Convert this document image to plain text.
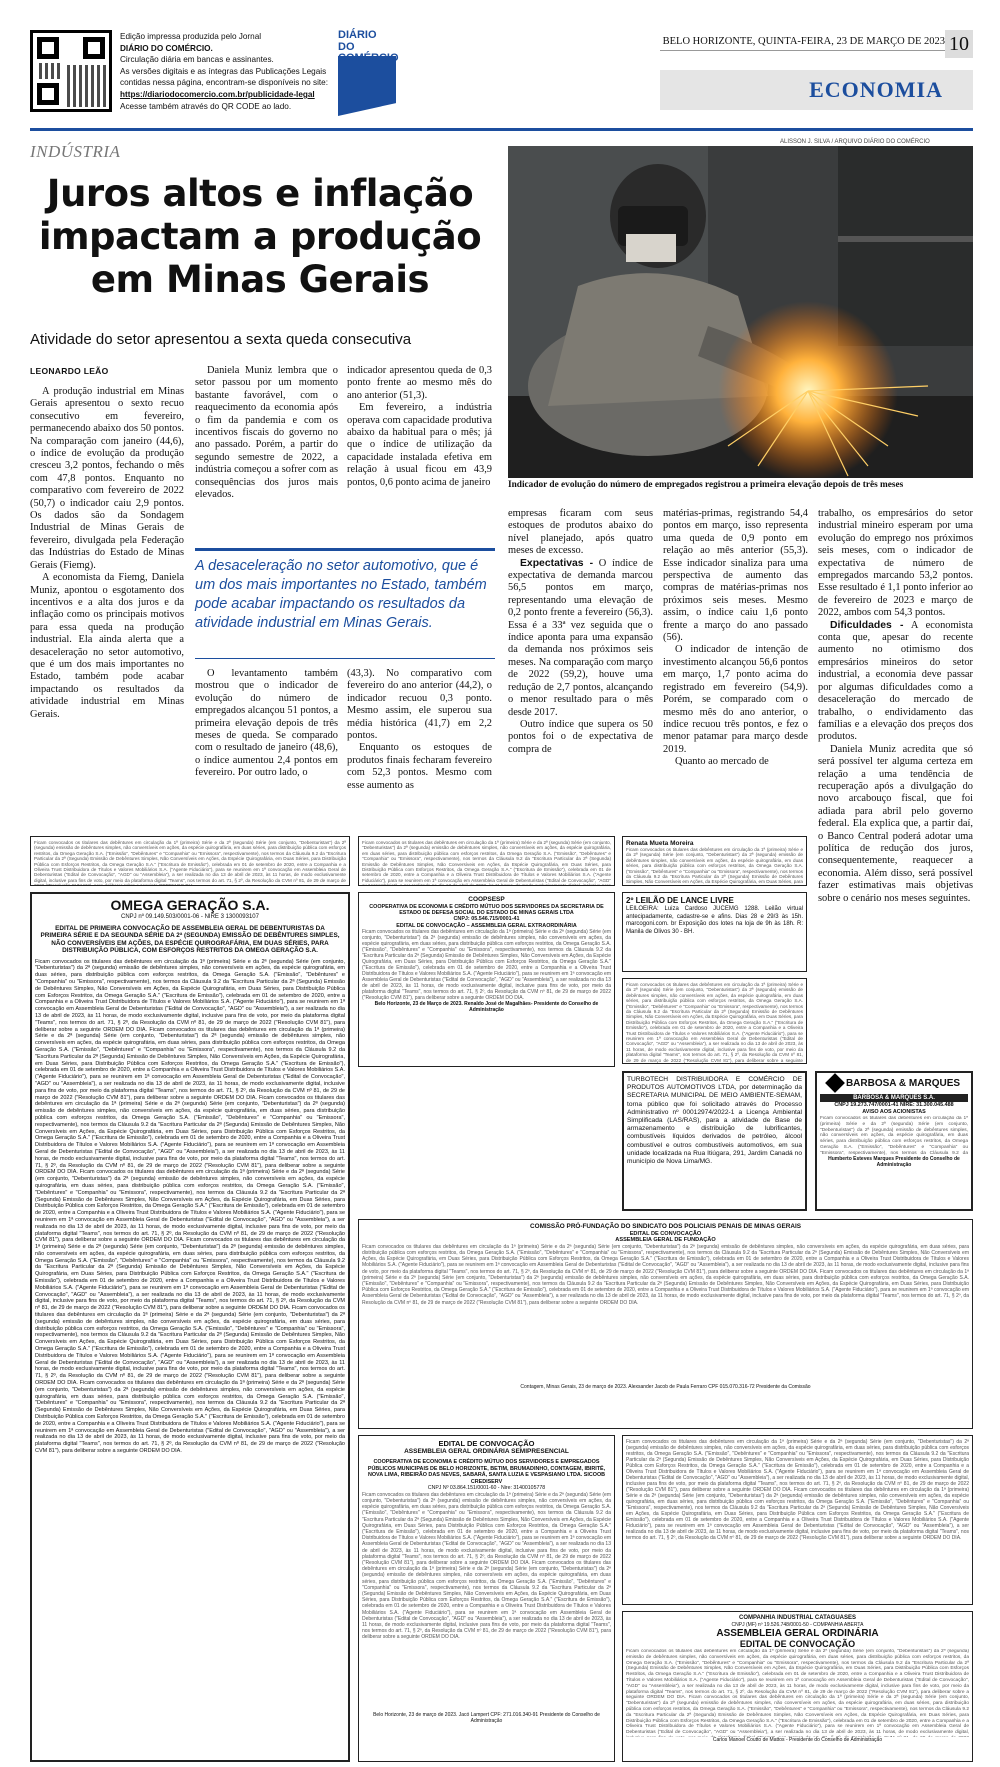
Edição impressa produzida pelo Jornal
DIÁRIO DO COMÉRCIO.
Circulação diária em bancas e assinantes.
As versões digitais e as íntegras das Publicações Legais
contidas nessa página, encontram-se disponíveis no site:
https://diariodocomercio.com.br/publicidade-legal
Acesse também através do QR CODE ao lado.
DIÁRIO DO
COMÉRCIO
BELO HORIZONTE, QUINTA-FEIRA, 23 DE MARÇO DE 2023 10
ECONOMIA
INDÚSTRIA
Juros altos e inflação impactam a produção em Minas Gerais
Atividade do setor apresentou a sexta queda consecutiva
ALISSON J. SILVA / ARQUIVO DIÁRIO DO COMÉRCIO
Indicador de evolução do número de empregados registrou a primeira elevação depois de três meses
LEONARDO LEÃO

A produção industrial em Minas Gerais apresentou o sexto recuo consecutivo em fevereiro, permanecendo abaixo dos 50 pontos. Na comparação com janeiro (44,6), o índice de evolução da produção cresceu 3,2 pontos, fechando o mês com 47,8 pontos. Enquanto no comparativo com fevereiro de 2022 (50,7) o indicador caiu 2,9 pontos. Os dados são da Sondagem Industrial de Minas Gerais de fevereiro, divulgada pela Federação das Indústrias do Estado de Minas Gerais (Fiemg).

A economista da Fiemg, Daniela Muniz, apontou o esgotamento dos incentivos e a alta dos juros e da inflação como os principais motivos para essa queda na produção industrial. Ela ainda alerta que a desaceleração no setor automotivo, que é um dos mais importantes no Estado, também pode acabar impactando os resultados da atividade industrial em Minas Gerais.

Daniela Muniz lembra que o setor passou por um momento bastante favorável, com o reaquecimento da economia após o fim da pandemia e com os incentivos fiscais do governo no ano passado. Porém, a partir do segundo semestre de 2022, a indústria começou a sofrer com as consequências dos juros mais elevados.

indicador apresentou queda de 0,3 ponto frente ao mesmo mês do ano anterior (51,3).

Em fevereiro, a indústria operava com capacidade produtiva abaixo da habitual para o mês; já que o índice de utilização da capacidade instalada efetiva em relação à usual ficou em 43,9 pontos, 0,6 ponto acima de janeiro

A desaceleração no setor automotivo, que é um dos mais importantes no Estado, também pode acabar impactando os resultados da atividade industrial em Minas Gerais.

O levantamento também mostrou que o indicador de evolução do número de empregados alcançou 51 pontos, a primeira elevação depois de três meses de queda. Se comparado com o resultado de janeiro (48,6), o índice aumentou 2,4 pontos em fevereiro. Por outro lado, o

(43,3). No comparativo com fevereiro do ano anterior (44,2), o indicador recuou 0,3 ponto. Mesmo assim, ele superou sua média histórica (41,7) em 2,2 pontos.

Enquanto os estoques de produtos finais fecharam fevereiro com 52,3 pontos. Mesmo com esse aumento as

empresas ficaram com seus estoques de produtos abaixo do nível planejado, após quatro meses de excesso.

Expectativas - O índice de expectativa de demanda marcou 56,5 pontos em março, representando uma elevação de 0,2 ponto frente a fevereiro (56,3). Essa é a 33ª vez seguida que o índice aponta para uma expansão da demanda nos próximos seis meses. Na comparação com março de 2022 (59,2), houve uma redução de 2,7 pontos, alcançando o menor resultado para o mês desde 2017.

Outro índice que supera os 50 pontos foi o de expectativa de compra de

matérias-primas, registrando 54,4 pontos em março, isso representa uma queda de 0,9 ponto em relação ao mês anterior (55,3). Esse indicador sinaliza para uma perspectiva de aumento das compras de matérias-primas nos próximos seis meses. Mesmo assim, o índice caiu 1,6 ponto frente a março do ano passado (56).

O indicador de intenção de investimento alcançou 56,6 pontos em março, 1,7 ponto acima do registrado em fevereiro (54,9). Porém, se comparado com o mesmo mês do ano anterior, o índice recuou três pontos, e fez o menor patamar para março desde 2019.

Quanto ao mercado de

trabalho, os empresários do setor industrial mineiro esperam por uma evolução do emprego nos próximos seis meses, com o indicador de expectativa de número de empregados marcando 53,2 pontos. Esse resultado é 1,1 ponto inferior ao de fevereiro de 2023 e março de 2022, ambos com 54,3 pontos.

Dificuldades - A economista conta que, apesar do recente aumento no otimismo dos empresários mineiros do setor industrial, a economia deve passar por algumas dificuldades como a desaceleração do mercado de trabalho, o endividamento das famílias e a elevação dos preços dos produtos.

Daniela Muniz acredita que só será possível ter alguma certeza em relação a uma tendência de recuperação após a divulgação do novo arcabouço fiscal, que foi adiada para abril pelo governo federal. Ela explica que, a partir daí, o Banco Central poderá adotar uma política de redução dos juros, consequentemente, reaquecer a economia. Além disso, será possível fazer estimativas mais objetivas sobre o cenário nos meses seguintes.

Ficam convocados os titulares das debêntures em circulação da 1ª (primeira) Série e da 2ª (segunda) Série (em conjunto, "Debenturistas") da 2ª (segunda) emissão de debêntures simples, não conversíveis em ações, da espécie quirografária, em duas séries, para distribuição pública com esforços restritos, da Omega Geração S.A. ("Emissão", "Debêntures" e "Companhia" ou "Emissora", respectivamente), nos termos da Cláusula 9.2 da "Escritura Particular da 2ª (Segunda) Emissão de Debêntures Simples, Não Conversíveis em Ações, da Espécie Quirografária, em Duas Séries, para Distribuição Pública com Esforços Restritos, da Omega Geração S.A." ("Escritura de Emissão"), celebrada em 01 de setembro de 2020, entre a Companhia e a Oliveira Trust Distribuidora de Títulos e Valores Mobiliários S.A. ("Agente Fiduciário"), para se reunirem em 1ª convocação em Assembleia Geral de Debenturistas ("Edital de Convocação", "AGD" ou "Assembleia"), a ser realizada no dia 13 de abril de 2023, às 11 horas, de modo exclusivamente digital, inclusive para fins de voto, por meio da plataforma digital "Teams", nos termos do art. 71, § 2º, da Resolução da CVM nº 81, de 29 de março de 2022 ("Resolução CVM 81"), para deliberar sobre a seguinte ORDEM DO DIA.
Ficam convocados os titulares das debêntures em circulação da 1ª (primeira) Série e da 2ª (segunda) Série (em conjunto, "Debenturistas") da 2ª (segunda) emissão de debêntures simples, não conversíveis em ações, da espécie quirografária, em duas séries, para distribuição pública com esforços restritos, da Omega Geração S.A. ("Emissão", "Debêntures" e "Companhia" ou "Emissora", respectivamente), nos termos da Cláusula 9.2 da "Escritura Particular da 2ª (Segunda) Emissão de Debêntures Simples, Não Conversíveis em Ações, da Espécie Quirografária, em Duas Séries, para Distribuição Pública com Esforços Restritos, da Omega Geração S.A." ("Escritura de Emissão"), celebrada em 01 de setembro de 2020, entre a Companhia e a Oliveira Trust Distribuidora de Títulos e Valores Mobiliários S.A. ("Agente Fiduciário"), para se reunirem em 1ª convocação em Assembleia Geral de Debenturistas ("Edital de Convocação", "AGD" ou "Assembleia"), a ser realizada no dia 13 de abril de 2023, às 11 horas, de modo exclusivamente digital, inclusive para
Renata Mueta Moreira
Ficam convocados os titulares das debêntures em circulação da 1ª (primeira) Série e da 2ª (segunda) Série (em conjunto, "Debenturistas") da 2ª (segunda) emissão de debêntures simples, não conversíveis em ações, da espécie quirografária, em duas séries, para distribuição pública com esforços restritos, da Omega Geração S.A. ("Emissão", "Debêntures" e "Companhia" ou "Emissora", respectivamente), nos termos da Cláusula 9.2 da "Escritura Particular da 2ª (Segunda) Emissão de Debêntures Simples, Não Conversíveis em Ações, da Espécie Quirografária, em Duas Séries, para
OMEGA GERAÇÃO S.A.
CNPJ nº 09.149.503/0001-06 - NIRE 3 1300093107
EDITAL DE PRIMEIRA CONVOCAÇÃO DE ASSEMBLEIA GERAL DE DEBENTURISTAS DA PRIMEIRA SÉRIE E DA SEGUNDA SÉRIE DA 2ª (SEGUNDA) EMISSÃO DE DEBÊNTURES SIMPLES, NÃO CONVERSÍVEIS EM AÇÕES, DA ESPÉCIE QUIROGRAFÁRIA, EM DUAS SÉRIES, PARA DISTRIBUIÇÃO PÚBLICA, COM ESFORÇOS RESTRITOS DA OMEGA GERAÇÃO S.A.
Ficam convocados os titulares das debêntures em circulação da 1ª (primeira) Série e da 2ª (segunda) Série (em conjunto, "Debenturistas") da 2ª (segunda) emissão de debêntures simples, não conversíveis em ações, da espécie quirografária, em duas séries, para distribuição pública com esforços restritos, da Omega Geração S.A. ("Emissão", "Debêntures" e "Companhia" ou "Emissora", respectivamente), nos termos da Cláusula 9.2 da "Escritura Particular da 2ª (Segunda) Emissão de Debêntures Simples, Não Conversíveis em Ações, da Espécie Quirografária, em Duas Séries, para Distribuição Pública com Esforços Restritos, da Omega Geração S.A." ("Escritura de Emissão"), celebrada em 01 de setembro de 2020, entre a Companhia e a Oliveira Trust Distribuidora de Títulos e Valores Mobiliários S.A. ("Agente Fiduciário"), para se reunirem em 1ª convocação em Assembleia Geral de Debenturistas ("Edital de Convocação", "AGD" ou "Assembleia"), a ser realizada no dia 13 de abril de 2023, às 11 horas, de modo exclusivamente digital, inclusive para fins de voto, por meio da plataforma digital "Teams", nos termos do art. 71, § 2º, da Resolução da CVM nº 81, de 29 de março de 2022 ("Resolução CVM 81"), para deliberar sobre a seguinte ORDEM DO DIA. Ficam convocados os titulares das debêntures em circulação da 1ª (primeira) Série e da 2ª (segunda) Série (em conjunto, "Debenturistas") da 2ª (segunda) emissão de debêntures simples, não conversíveis em ações, da espécie quirografária, em duas séries, para distribuição pública com esforços restritos, da Omega Geração S.A. ("Emissão", "Debêntures" e "Companhia" ou "Emissora", respectivamente), nos termos da Cláusula 9.2 da "Escritura Particular da 2ª (Segunda) Emissão de Debêntures Simples, Não Conversíveis em Ações, da Espécie Quirografária, em Duas Séries, para Distribuição Pública com Esforços Restritos, da Omega Geração S.A." ("Escritura de Emissão"), celebrada em 01 de setembro de 2020, entre a Companhia e a Oliveira Trust Distribuidora de Títulos e Valores Mobiliários S.A. ("Agente Fiduciário"), para se reunirem em 1ª convocação em Assembleia Geral de Debenturistas ("Edital de Convocação", "AGD" ou "Assembleia"), a ser realizada no dia 13 de abril de 2023, às 11 horas, de modo exclusivamente digital, inclusive para fins de voto, por meio da plataforma digital "Teams", nos termos do art. 71, § 2º, da Resolução da CVM nº 81, de 29 de março de 2022 ("Resolução CVM 81"), para deliberar sobre a seguinte ORDEM DO DIA. Ficam convocados os titulares das debêntures em circulação da 1ª (primeira) Série e da 2ª (segunda) Série (em conjunto, "Debenturistas") da 2ª (segunda) emissão de debêntures simples, não conversíveis em ações, da espécie quirografária, em duas séries, para distribuição pública com esforços restritos, da Omega Geração S.A. ("Emissão", "Debêntures" e "Companhia" ou "Emissora", respectivamente), nos termos da Cláusula 9.2 da "Escritura Particular da 2ª (Segunda) Emissão de Debêntures Simples, Não Conversíveis em Ações, da Espécie Quirografária, em Duas Séries, para Distribuição Pública com Esforços Restritos, da Omega Geração S.A." ("Escritura de Emissão"), celebrada em 01 de setembro de 2020, entre a Companhia e a Oliveira Trust Distribuidora de Títulos e Valores Mobiliários S.A. ("Agente Fiduciário"), para se reunirem em 1ª convocação em Assembleia Geral de Debenturistas ("Edital de Convocação", "AGD" ou "Assembleia"), a ser realizada no dia 13 de abril de 2023, às 11 horas, de modo exclusivamente digital, inclusive para fins de voto, por meio da plataforma digital "Teams", nos termos do art. 71, § 2º, da Resolução da CVM nº 81, de 29 de março de 2022 ("Resolução CVM 81"), para deliberar sobre a seguinte ORDEM DO DIA. Ficam convocados os titulares das debêntures em circulação da 1ª (primeira) Série e da 2ª (segunda) Série (em conjunto, "Debenturistas") da 2ª (segunda) emissão de debêntures simples, não conversíveis em ações, da espécie quirografária, em duas séries, para distribuição pública com esforços restritos, da Omega Geração S.A. ("Emissão", "Debêntures" e "Companhia" ou "Emissora", respectivamente), nos termos da Cláusula 9.2 da "Escritura Particular da 2ª (Segunda) Emissão de Debêntures Simples, Não Conversíveis em Ações, da Espécie Quirografária, em Duas Séries, para Distribuição Pública com Esforços Restritos, da Omega Geração S.A." ("Escritura de Emissão"), celebrada em 01 de setembro de 2020, entre a Companhia e a Oliveira Trust Distribuidora de Títulos e Valores Mobiliários S.A. ("Agente Fiduciário"), para se reunirem em 1ª convocação em Assembleia Geral de Debenturistas ("Edital de Convocação", "AGD" ou "Assembleia"), a ser realizada no dia 13 de abril de 2023, às 11 horas, de modo exclusivamente digital, inclusive para fins de voto, por meio da plataforma digital "Teams", nos termos do art. 71, § 2º, da Resolução da CVM nº 81, de 29 de março de 2022 ("Resolução CVM 81"), para deliberar sobre a seguinte ORDEM DO DIA. Ficam convocados os titulares das debêntures em circulação da 1ª (primeira) Série e da 2ª (segunda) Série (em conjunto, "Debenturistas") da 2ª (segunda) emissão de debêntures simples, não conversíveis em ações, da espécie quirografária, em duas séries, para distribuição pública com esforços restritos, da Omega Geração S.A. ("Emissão", "Debêntures" e "Companhia" ou "Emissora", respectivamente), nos termos da Cláusula 9.2 da "Escritura Particular da 2ª (Segunda) Emissão de Debêntures Simples, Não Conversíveis em Ações, da Espécie Quirografária, em Duas Séries, para Distribuição Pública com Esforços Restritos, da Omega Geração S.A." ("Escritura de Emissão"), celebrada em 01 de setembro de 2020, entre a Companhia e a Oliveira Trust Distribuidora de Títulos e Valores Mobiliários S.A. ("Agente Fiduciário"), para se reunirem em 1ª convocação em Assembleia Geral de Debenturistas ("Edital de Convocação", "AGD" ou "Assembleia"), a ser realizada no dia 13 de abril de 2023, às 11 horas, de modo exclusivamente digital, inclusive para fins de voto, por meio da plataforma digital "Teams", nos termos do art. 71, § 2º, da Resolução da CVM nº 81, de 29 de março de 2022 ("Resolução CVM 81"), para deliberar sobre a seguinte ORDEM DO DIA. Ficam convocados os titulares das debêntures em circulação da 1ª (primeira) Série e da 2ª (segunda) Série (em conjunto, "Debenturistas") da 2ª (segunda) emissão de debêntures simples, não conversíveis em ações, da espécie quirografária, em duas séries, para distribuição pública com esforços restritos, da Omega Geração S.A. ("Emissão", "Debêntures" e "Companhia" ou "Emissora", respectivamente), nos termos da Cláusula 9.2 da "Escritura Particular da 2ª (Segunda) Emissão de Debêntures Simples, Não Conversíveis em Ações, da Espécie Quirografária, em Duas Séries, para Distribuição Pública com Esforços Restritos, da Omega Geração S.A." ("Escritura de Emissão"), celebrada em 01 de setembro de 2020, entre a Companhia e a Oliveira Trust Distribuidora de Títulos e Valores Mobiliários S.A. ("Agente Fiduciário"), para se reunirem em 1ª convocação em Assembleia Geral de Debenturistas ("Edital de Convocação", "AGD" ou "Assembleia"), a ser realizada no dia 13 de abril de 2023, às 11 horas, de modo exclusivamente digital, inclusive para fins de voto, por meio da plataforma digital "Teams", nos termos do art. 71, § 2º, da Resolução da CVM nº 81, de 29 de março de 2022 ("Resolução CVM 81"), para deliberar sobre a seguinte ORDEM DO DIA. Ficam convocados os titulares das debêntures em circulação da 1ª (primeira) Série e da 2ª (segunda) Série (em conjunto, "Debenturistas") da 2ª (segunda) emissão de debêntures simples, não conversíveis em ações, da espécie quirografária, em duas séries, para distribuição pública com esforços restritos, da Omega Geração S.A. ("Emissão", "Debêntures" e "Companhia" ou "Emissora", respectivamente), nos termos da Cláusula 9.2 da "Escritura Particular da 2ª (Segunda) Emissão de Debêntures Simples, Não Conversíveis em Ações, da Espécie Quirografária, em Duas Séries, para Distribuição Pública com Esforços Restritos, da Omega Geração S.A." ("Escritura de Emissão"), celebrada em 01 de setembro de 2020, entre a Companhia e a Oliveira Trust Distribuidora de Títulos e Valores Mobiliários S.A. ("Agente Fiduciário"), para se reunirem em 1ª convocação em Assembleia Geral de Debenturistas ("Edital de Convocação", "AGD" ou "Assembleia"), a ser realizada no dia 13 de abril de 2023, às 11 horas, de modo exclusivamente digital, inclusive para fins de voto, por meio da plataforma digital "Teams", nos termos do art. 71, § 2º, da Resolução da CVM nº 81, de 29 de março de 2022 ("Resolução CVM 81"), para deliberar sobre a seguinte ORDEM DO DIA.
COOPSESP
COOPERATIVA DE ECONOMIA E CRÉDITO MÚTUO DOS SERVIDORES DA SECRETARIA DE ESTADO DE DEFESA SOCIAL DO ESTADO DE MINAS GERAIS LTDA
CNPJ: 05.546.715/0001-41
EDITAL DE CONVOCAÇÃO – ASSEMBLEIA GERAL EXTRAORDINÁRIA
Ficam convocados os titulares das debêntures em circulação da 1ª (primeira) Série e da 2ª (segunda) Série (em conjunto, "Debenturistas") da 2ª (segunda) emissão de debêntures simples, não conversíveis em ações, da espécie quirografária, em duas séries, para distribuição pública com esforços restritos, da Omega Geração S.A. ("Emissão", "Debêntures" e "Companhia" ou "Emissora", respectivamente), nos termos da Cláusula 9.2 da "Escritura Particular da 2ª (Segunda) Emissão de Debêntures Simples, Não Conversíveis em Ações, da Espécie Quirografária, em Duas Séries, para Distribuição Pública com Esforços Restritos, da Omega Geração S.A." ("Escritura de Emissão"), celebrada em 01 de setembro de 2020, entre a Companhia e a Oliveira Trust Distribuidora de Títulos e Valores Mobiliários S.A. ("Agente Fiduciário"), para se reunirem em 1ª convocação em Assembleia Geral de Debenturistas ("Edital de Convocação", "AGD" ou "Assembleia"), a ser realizada no dia 13 de abril de 2023, às 11 horas, de modo exclusivamente digital, inclusive para fins de voto, por meio da plataforma digital "Teams", nos termos do art. 71, § 2º, da Resolução da CVM nº 81, de 29 de março de 2022 ("Resolução CVM 81"), para deliberar sobre a seguinte ORDEM DO DIA.
Belo Horizonte, 23 de Março de 2023. Renaldo José de Magalhães- Presidente do Conselho de Administração
2º LEILÃO DE LANCE LIVRE
LEILOEIRA: Luiza Cardoso JUCEMG 1288. Leilão virtual antecipadamente, cadastre-se e afins. Dias 28 e 29/3 às 15h. marcogoni.com. br Exposição dos lotes na loja de 9h às 18h. R: Manila de Olivos 30 - BH.
Ficam convocados os titulares das debêntures em circulação da 1ª (primeira) Série e da 2ª (segunda) Série (em conjunto, "Debenturistas") da 2ª (segunda) emissão de debêntures simples, não conversíveis em ações, da espécie quirografária, em duas séries, para distribuição pública com esforços restritos, da Omega Geração S.A. ("Emissão", "Debêntures" e "Companhia" ou "Emissora", respectivamente), nos termos da Cláusula 9.2 da "Escritura Particular da 2ª (Segunda) Emissão de Debêntures Simples, Não Conversíveis em Ações, da Espécie Quirografária, em Duas Séries, para Distribuição Pública com Esforços Restritos, da Omega Geração S.A." ("Escritura de Emissão"), celebrada em 01 de setembro de 2020, entre a Companhia e a Oliveira Trust Distribuidora de Títulos e Valores Mobiliários S.A. ("Agente Fiduciário"), para se reunirem em 1ª convocação em Assembleia Geral de Debenturistas ("Edital de Convocação", "AGD" ou "Assembleia"), a ser realizada no dia 13 de abril de 2023, às 11 horas, de modo exclusivamente digital, inclusive para fins de voto, por meio da plataforma digital "Teams", nos termos do art. 71, § 2º, da Resolução da CVM nº 81, de 29 de março de 2022 ("Resolução CVM 81"), para deliberar sobre a seguinte
TURBOTECH DISTRIBUIDORA E COMÉRCIO DE PRODUTOS AUTOMOTIVOS LTDA, por determinação da SECRETARIA MUNICIPAL DE MEIO AMBIENTE-SEMAM, torna público que foi solicitado através do Processo Administrativo nº 00012974/2022-1 a Licença Ambiental Simplificada (LAS/RAS), para a atividade de Base de armazenamento e distribuição de lubrificantes, combustíveis líquidos derivados de petróleo, álcool combustível e outros combustíveis automotivos, em sua unidade localizada na Rua Itiúgara, 291, Jardim Canadá no município de Nova Lima/MG.
BARBOSA & MARQUES
BARBOSA & MARQUES S.A.
CNPJ 19.273.747/0001-41 NIRE: 31.300.045.488
AVISO AOS ACIONISTAS
Ficam convocados os titulares das debêntures em circulação da 1ª (primeira) Série e da 2ª (segunda) Série (em conjunto, "Debenturistas") da 2ª (segunda) emissão de debêntures simples, não conversíveis em ações, da espécie quirografária, em duas séries, para distribuição pública com esforços restritos, da Omega Geração S.A. ("Emissão", "Debêntures" e "Companhia" ou "Emissora", respectivamente), nos termos da Cláusula 9.2 da
Humberto Esteves Marques Presidente do Conselho de Administração
COMISSÃO PRÓ-FUNDAÇÃO DO SINDICATO DOS POLICIAIS PENAIS DE MINAS GERAIS
EDITAL DE CONVOCAÇÃO
ASSEMBLEIA GERAL DE FUNDAÇÃO
Ficam convocados os titulares das debêntures em circulação da 1ª (primeira) Série e da 2ª (segunda) Série (em conjunto, "Debenturistas") da 2ª (segunda) emissão de debêntures simples, não conversíveis em ações, da espécie quirografária, em duas séries, para distribuição pública com esforços restritos, da Omega Geração S.A. ("Emissão", "Debêntures" e "Companhia" ou "Emissora", respectivamente), nos termos da Cláusula 9.2 da "Escritura Particular da 2ª (Segunda) Emissão de Debêntures Simples, Não Conversíveis em Ações, da Espécie Quirografária, em Duas Séries, para Distribuição Pública com Esforços Restritos, da Omega Geração S.A." ("Escritura de Emissão"), celebrada em 01 de setembro de 2020, entre a Companhia e a Oliveira Trust Distribuidora de Títulos e Valores Mobiliários S.A. ("Agente Fiduciário"), para se reunirem em 1ª convocação em Assembleia Geral de Debenturistas ("Edital de Convocação", "AGD" ou "Assembleia"), a ser realizada no dia 13 de abril de 2023, às 11 horas, de modo exclusivamente digital, inclusive para fins de voto, por meio da plataforma digital "Teams", nos termos do art. 71, § 2º, da Resolução da CVM nº 81, de 29 de março de 2022 ("Resolução CVM 81"), para deliberar sobre a seguinte ORDEM DO DIA. Ficam convocados os titulares das debêntures em circulação da 1ª (primeira) Série e da 2ª (segunda) Série (em conjunto, "Debenturistas") da 2ª (segunda) emissão de debêntures simples, não conversíveis em ações, da espécie quirografária, em duas séries, para distribuição pública com esforços restritos, da Omega Geração S.A. ("Emissão", "Debêntures" e "Companhia" ou "Emissora", respectivamente), nos termos da Cláusula 9.2 da "Escritura Particular da 2ª (Segunda) Emissão de Debêntures Simples, Não Conversíveis em Ações, da Espécie Quirografária, em Duas Séries, para Distribuição Pública com Esforços Restritos, da Omega Geração S.A." ("Escritura de Emissão"), celebrada em 01 de setembro de 2020, entre a Companhia e a Oliveira Trust Distribuidora de Títulos e Valores Mobiliários S.A. ("Agente Fiduciário"), para se reunirem em 1ª convocação em Assembleia Geral de Debenturistas ("Edital de Convocação", "AGD" ou "Assembleia"), a ser realizada no dia 13 de abril de 2023, às 11 horas, de modo exclusivamente digital, inclusive para fins de voto, por meio da plataforma digital "Teams", nos termos do art. 71, § 2º, da Resolução da CVM nº 81, de 29 de março de 2022 ("Resolução CVM 81"), para deliberar sobre a seguinte ORDEM DO DIA.
Contagem, Minas Gerais, 23 de março de 2023. Alexsander Jacob de Paula Ferraro CPF 015.070.316-72 Presidente da Comissão
EDITAL DE CONVOCAÇÃO
ASSEMBLEIA GERAL ORDINÁRIA SEMIPRESENCIAL
COOPERATIVA DE ECONOMIA E CRÉDITO MÚTUO DOS SERVIDORES E EMPREGADOS PÚBLICOS MUNICIPAIS DE BELO HORIZONTE, BETIM, BRUMADINHO, CONTAGEM, IBIRITÉ, NOVA LIMA, RIBEIRÃO DAS NEVES, SABARÁ, SANTA LUZIA E VESPASIANO LTDA. SICOOB CREDISERV
CNPJ Nº 03.864.151/0001-60 - Nire: 31400105778
Ficam convocados os titulares das debêntures em circulação da 1ª (primeira) Série e da 2ª (segunda) Série (em conjunto, "Debenturistas") da 2ª (segunda) emissão de debêntures simples, não conversíveis em ações, da espécie quirografária, em duas séries, para distribuição pública com esforços restritos, da Omega Geração S.A. ("Emissão", "Debêntures" e "Companhia" ou "Emissora", respectivamente), nos termos da Cláusula 9.2 da "Escritura Particular da 2ª (Segunda) Emissão de Debêntures Simples, Não Conversíveis em Ações, da Espécie Quirografária, em Duas Séries, para Distribuição Pública com Esforços Restritos, da Omega Geração S.A." ("Escritura de Emissão"), celebrada em 01 de setembro de 2020, entre a Companhia e a Oliveira Trust Distribuidora de Títulos e Valores Mobiliários S.A. ("Agente Fiduciário"), para se reunirem em 1ª convocação em Assembleia Geral de Debenturistas ("Edital de Convocação", "AGD" ou "Assembleia"), a ser realizada no dia 13 de abril de 2023, às 11 horas, de modo exclusivamente digital, inclusive para fins de voto, por meio da plataforma digital "Teams", nos termos do art. 71, § 2º, da Resolução da CVM nº 81, de 29 de março de 2022 ("Resolução CVM 81"), para deliberar sobre a seguinte ORDEM DO DIA. Ficam convocados os titulares das debêntures em circulação da 1ª (primeira) Série e da 2ª (segunda) Série (em conjunto, "Debenturistas") da 2ª (segunda) emissão de debêntures simples, não conversíveis em ações, da espécie quirografária, em duas séries, para distribuição pública com esforços restritos, da Omega Geração S.A. ("Emissão", "Debêntures" e "Companhia" ou "Emissora", respectivamente), nos termos da Cláusula 9.2 da "Escritura Particular da 2ª (Segunda) Emissão de Debêntures Simples, Não Conversíveis em Ações, da Espécie Quirografária, em Duas Séries, para Distribuição Pública com Esforços Restritos, da Omega Geração S.A." ("Escritura de Emissão"), celebrada em 01 de setembro de 2020, entre a Companhia e a Oliveira Trust Distribuidora de Títulos e Valores Mobiliários S.A. ("Agente Fiduciário"), para se reunirem em 1ª convocação em Assembleia Geral de Debenturistas ("Edital de Convocação", "AGD" ou "Assembleia"), a ser realizada no dia 13 de abril de 2023, às 11 horas, de modo exclusivamente digital, inclusive para fins de voto, por meio da plataforma digital "Teams", nos termos do art. 71, § 2º, da Resolução da CVM nº 81, de 29 de março de 2022 ("Resolução CVM 81"), para deliberar sobre a seguinte ORDEM DO DIA.
Belo Horizonte, 23 de março de 2023. Jacó Lampert CPF: 271.016.340-91 Presidente do Conselho de Administração
Ficam convocados os titulares das debêntures em circulação da 1ª (primeira) Série e da 2ª (segunda) Série (em conjunto, "Debenturistas") da 2ª (segunda) emissão de debêntures simples, não conversíveis em ações, da espécie quirografária, em duas séries, para distribuição pública com esforços restritos, da Omega Geração S.A. ("Emissão", "Debêntures" e "Companhia" ou "Emissora", respectivamente), nos termos da Cláusula 9.2 da "Escritura Particular da 2ª (Segunda) Emissão de Debêntures Simples, Não Conversíveis em Ações, da Espécie Quirografária, em Duas Séries, para Distribuição Pública com Esforços Restritos, da Omega Geração S.A." ("Escritura de Emissão"), celebrada em 01 de setembro de 2020, entre a Companhia e a Oliveira Trust Distribuidora de Títulos e Valores Mobiliários S.A. ("Agente Fiduciário"), para se reunirem em 1ª convocação em Assembleia Geral de Debenturistas ("Edital de Convocação", "AGD" ou "Assembleia"), a ser realizada no dia 13 de abril de 2023, às 11 horas, de modo exclusivamente digital, inclusive para fins de voto, por meio da plataforma digital "Teams", nos termos do art. 71, § 2º, da Resolução da CVM nº 81, de 29 de março de 2022 ("Resolução CVM 81"), para deliberar sobre a seguinte ORDEM DO DIA. Ficam convocados os titulares das debêntures em circulação da 1ª (primeira) Série e da 2ª (segunda) Série (em conjunto, "Debenturistas") da 2ª (segunda) emissão de debêntures simples, não conversíveis em ações, da espécie quirografária, em duas séries, para distribuição pública com esforços restritos, da Omega Geração S.A. ("Emissão", "Debêntures" e "Companhia" ou "Emissora", respectivamente), nos termos da Cláusula 9.2 da "Escritura Particular da 2ª (Segunda) Emissão de Debêntures Simples, Não Conversíveis em Ações, da Espécie Quirografária, em Duas Séries, para Distribuição Pública com Esforços Restritos, da Omega Geração S.A." ("Escritura de Emissão"), celebrada em 01 de setembro de 2020, entre a Companhia e a Oliveira Trust Distribuidora de Títulos e Valores Mobiliários S.A. ("Agente Fiduciário"), para se reunirem em 1ª convocação em Assembleia Geral de Debenturistas ("Edital de Convocação", "AGD" ou "Assembleia"), a ser realizada no dia 13 de abril de 2023, às 11 horas, de modo exclusivamente digital, inclusive para fins de voto, por meio da plataforma digital "Teams", nos termos do art. 71, § 2º, da Resolução da CVM nº 81, de 29 de março de 2022 ("Resolução CVM 81"), para deliberar sobre a seguinte ORDEM DO DIA.
COMPANHIA INDUSTRIAL CATAGUASES
CNPJ (MF) nº 19.526.748/0001-50 - COMPANHIA ABERTA
ASSEMBLEIA GERAL ORDINÁRIA
EDITAL DE CONVOCAÇÃO
Ficam convocados os titulares das debêntures em circulação da 1ª (primeira) Série e da 2ª (segunda) Série (em conjunto, "Debenturistas") da 2ª (segunda) emissão de debêntures simples, não conversíveis em ações, da espécie quirografária, em duas séries, para distribuição pública com esforços restritos, da Omega Geração S.A. ("Emissão", "Debêntures" e "Companhia" ou "Emissora", respectivamente), nos termos da Cláusula 9.2 da "Escritura Particular da 2ª (Segunda) Emissão de Debêntures Simples, Não Conversíveis em Ações, da Espécie Quirografária, em Duas Séries, para Distribuição Pública com Esforços Restritos, da Omega Geração S.A." ("Escritura de Emissão"), celebrada em 01 de setembro de 2020, entre a Companhia e a Oliveira Trust Distribuidora de Títulos e Valores Mobiliários S.A. ("Agente Fiduciário"), para se reunirem em 1ª convocação em Assembleia Geral de Debenturistas ("Edital de Convocação", "AGD" ou "Assembleia"), a ser realizada no dia 13 de abril de 2023, às 11 horas, de modo exclusivamente digital, inclusive para fins de voto, por meio da plataforma digital "Teams", nos termos do art. 71, § 2º, da Resolução da CVM nº 81, de 29 de março de 2022 ("Resolução CVM 81"), para deliberar sobre a seguinte ORDEM DO DIA. Ficam convocados os titulares das debêntures em circulação da 1ª (primeira) Série e da 2ª (segunda) Série (em conjunto, "Debenturistas") da 2ª (segunda) emissão de debêntures simples, não conversíveis em ações, da espécie quirografária, em duas séries, para distribuição pública com esforços restritos, da Omega Geração S.A. ("Emissão", "Debêntures" e "Companhia" ou "Emissora", respectivamente), nos termos da Cláusula 9.2 da "Escritura Particular da 2ª (Segunda) Emissão de Debêntures Simples, Não Conversíveis em Ações, da Espécie Quirografária, em Duas Séries, para Distribuição Pública com Esforços Restritos, da Omega Geração S.A." ("Escritura de Emissão"), celebrada em 01 de setembro de 2020, entre a Companhia e a Oliveira Trust Distribuidora de Títulos e Valores Mobiliários S.A. ("Agente Fiduciário"), para se reunirem em 1ª convocação em Assembleia Geral de Debenturistas ("Edital de Convocação", "AGD" ou "Assembleia"), a ser realizada no dia 13 de abril de 2023, às 11 horas, de modo exclusivamente digital,
Carlos Manoel Coutto de Mattos - Presidente do Conselho de Administração
